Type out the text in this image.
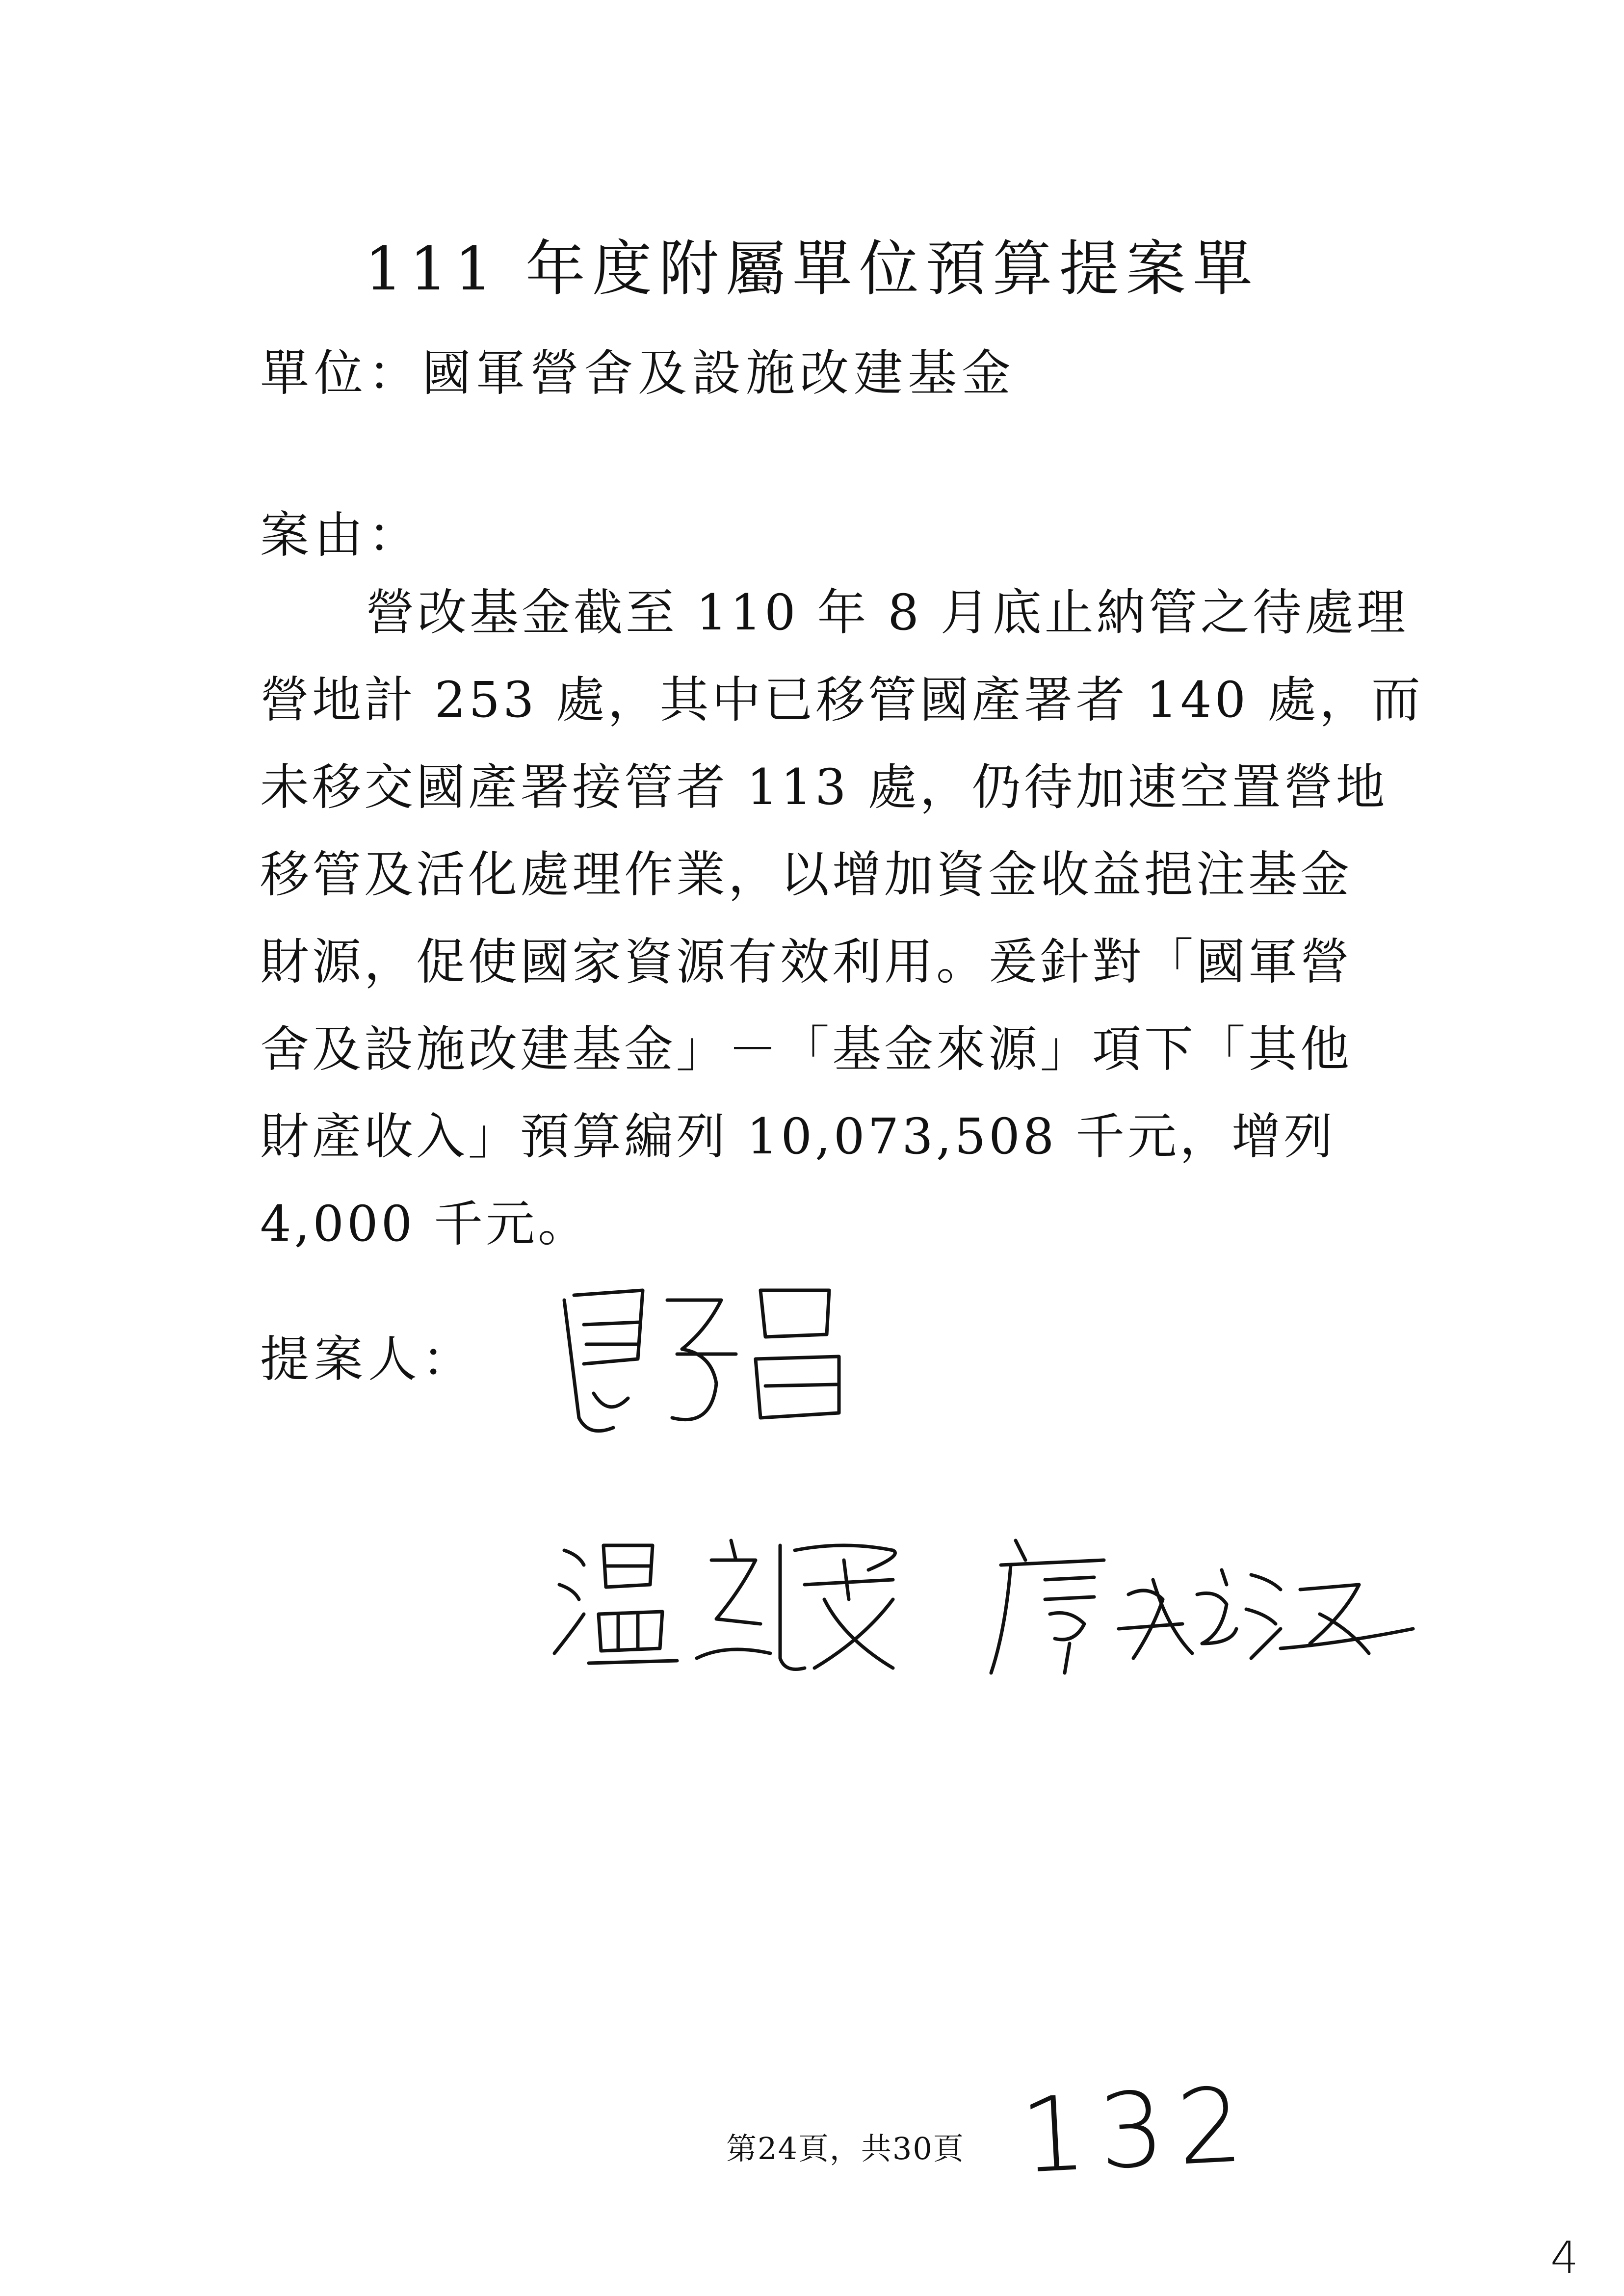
111 年度附屬單位預算提案單
單位：國軍營舍及設施改建基金
案由：
營改基金截至 110 年 8 月底止納管之待處理
營地計 253 處，其中已移管國產署者 140 處，而
未移交國產署接管者 113 處，仍待加速空置營地
移管及活化處理作業，以增加資金收益挹注基金
財源，促使國家資源有效利用。爰針對「國軍營
舍及設施改建基金」－「基金來源」項下「其他
財產收入」預算編列 10,073,508 千元，增列
4,000 千元。
提案人：
第24頁，共30頁 132
4
